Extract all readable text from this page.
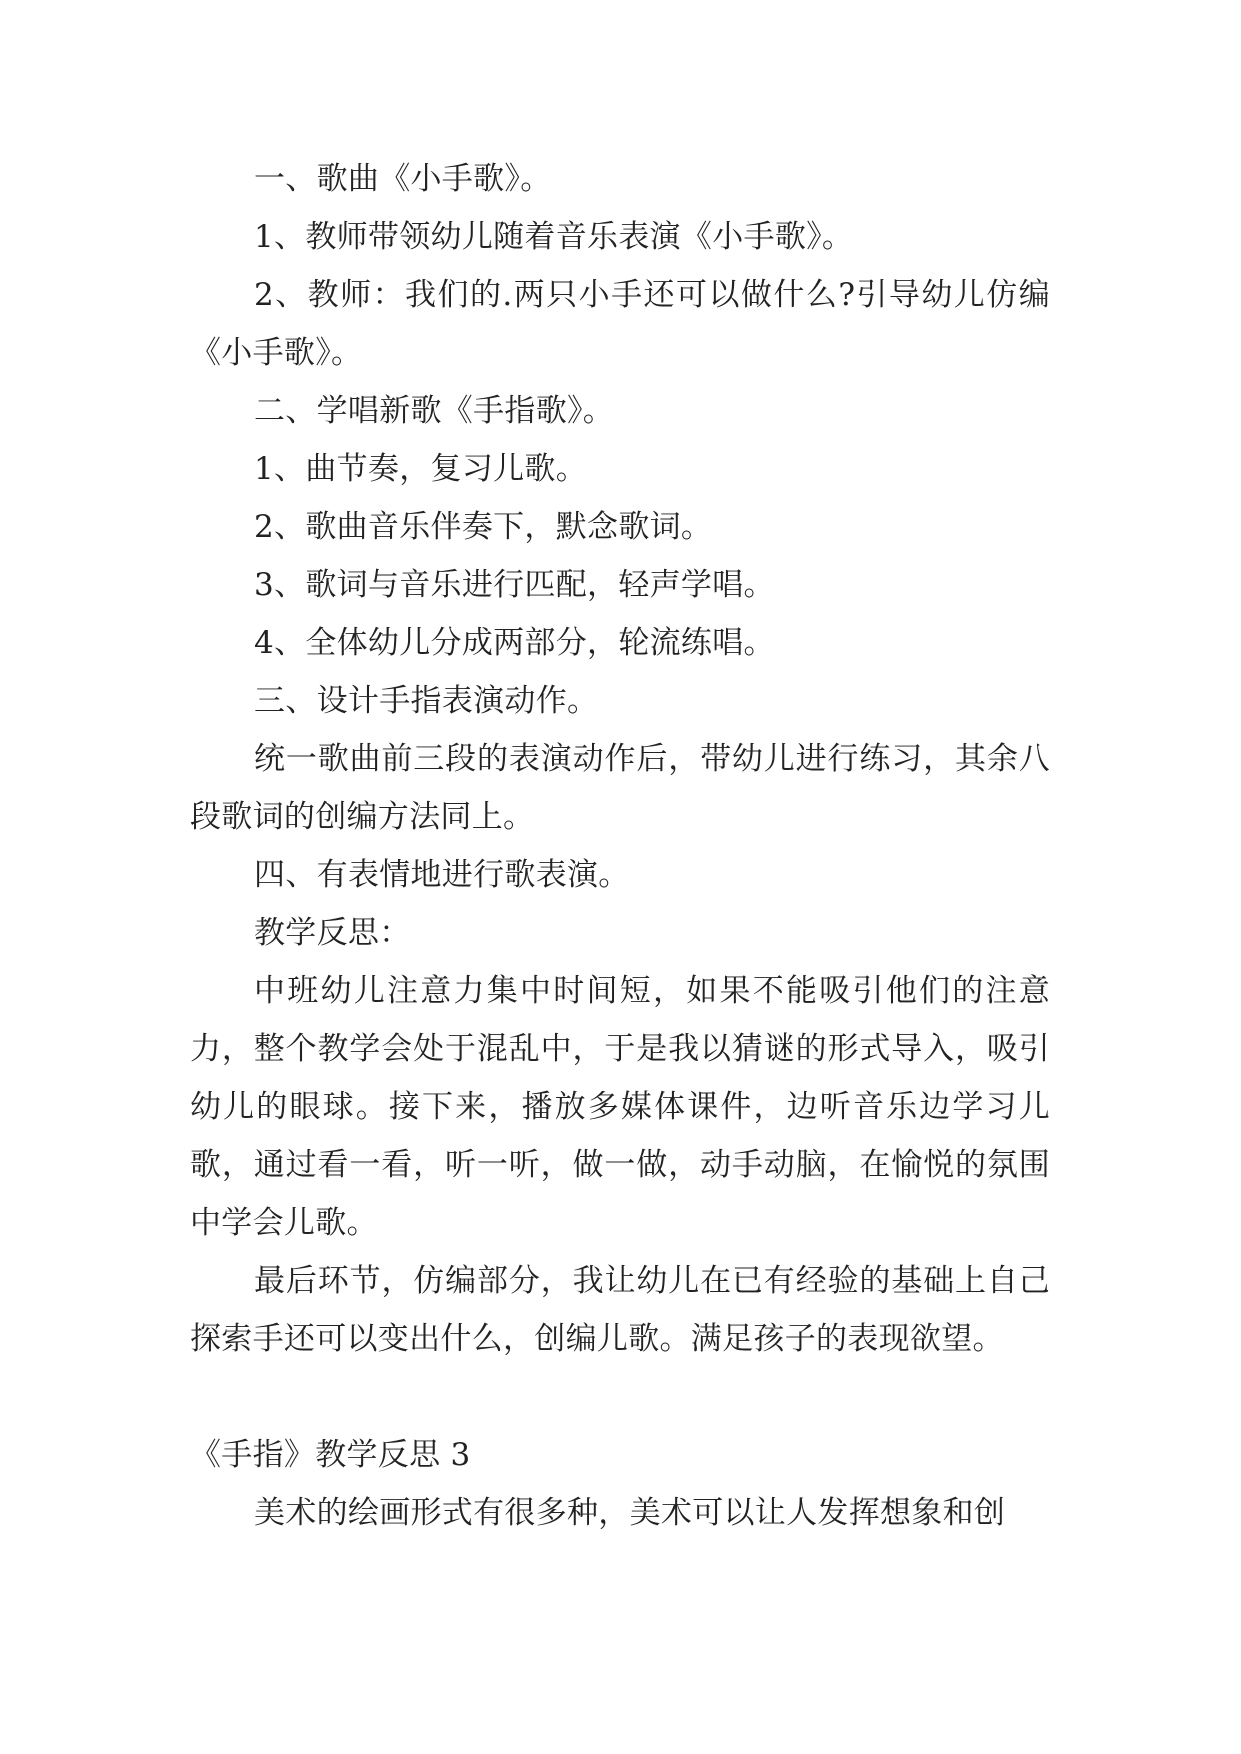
一、歌曲《小手歌》。

1、教师带领幼儿随着音乐表演《小手歌》。

2、教师：我们的.两只小手还可以做什么?引导幼儿仿编《小手歌》。

二、学唱新歌《手指歌》。

1、曲节奏，复习儿歌。

2、歌曲音乐伴奏下，默念歌词。

3、歌词与音乐进行匹配，轻声学唱。

4、全体幼儿分成两部分，轮流练唱。

三、设计手指表演动作。

统一歌曲前三段的表演动作后，带幼儿进行练习，其余八段歌词的创编方法同上。

四、有表情地进行歌表演。

教学反思：

中班幼儿注意力集中时间短，如果不能吸引他们的注意力，整个教学会处于混乱中，于是我以猜谜的形式导入，吸引幼儿的眼球。接下来，播放多媒体课件，边听音乐边学习儿歌，通过看一看，听一听，做一做，动手动脑，在愉悦的氛围中学会儿歌。

最后环节，仿编部分，我让幼儿在已有经验的基础上自己探索手还可以变出什么，创编儿歌。满足孩子的表现欲望。

《手指》教学反思 3

美术的绘画形式有很多种，美术可以让人发挥想象和创
